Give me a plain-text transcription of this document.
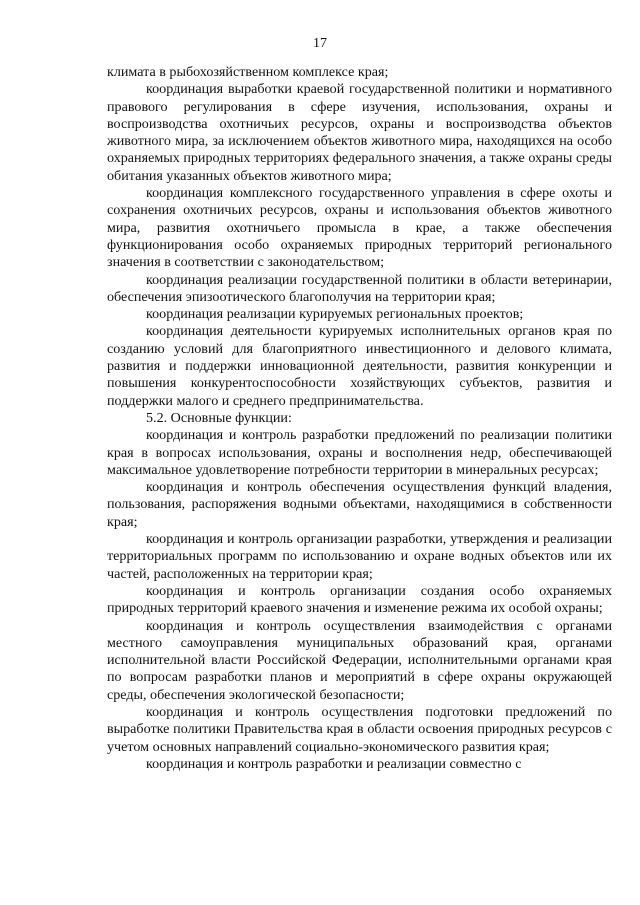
17

климата в рыбохозяйственном комплексе края;

координация выработки краевой государственной политики и нормативного правового регулирования в сфере изучения, использования, охраны и воспроизводства охотничьих ресурсов, охраны и воспроизводства объектов животного мира, за исключением объектов животного мира, находящихся на особо охраняемых природных территориях федерального значения, а также охраны среды обитания указанных объектов животного мира;

координация комплексного государственного управления в сфере охоты и сохранения охотничьих ресурсов, охраны и использования объектов животного мира, развития охотничьего промысла в крае, а также обеспечения функционирования особо охраняемых природных территорий регионального значения в соответствии с законодательством;

координация реализации государственной политики в области ветеринарии, обеспечения эпизоотического благополучия на территории края;

координация реализации курируемых региональных проектов;

координация деятельности курируемых исполнительных органов края по созданию условий для благоприятного инвестиционного и делового климата, развития и поддержки инновационной деятельности, развития конкуренции и повышения конкурентоспособности хозяйствующих субъектов, развития и поддержки малого и среднего предпринимательства.

5.2. Основные функции:

координация и контроль разработки предложений по реализации политики края в вопросах использования, охраны и восполнения недр, обеспечивающей максимальное удовлетворение потребности территории в минеральных ресурсах;

координация и контроль обеспечения осуществления функций владения, пользования, распоряжения водными объектами, находящимися в собственности края;

координация и контроль организации разработки, утверждения и реализации территориальных программ по использованию и охране водных объектов или их частей, расположенных на территории края;

координация и контроль организации создания особо охраняемых природных территорий краевого значения и изменение режима их особой охраны;

координация и контроль осуществления взаимодействия с органами местного самоуправления муниципальных образований края, органами исполнительной власти Российской Федерации, исполнительными органами края по вопросам разработки планов и мероприятий в сфере охраны окружающей среды, обеспечения экологической безопасности;

координация и контроль осуществления подготовки предложений по выработке политики Правительства края в области освоения природных ресурсов с учетом основных направлений социально-экономического развития края;

координация и контроль разработки и реализации совместно с
